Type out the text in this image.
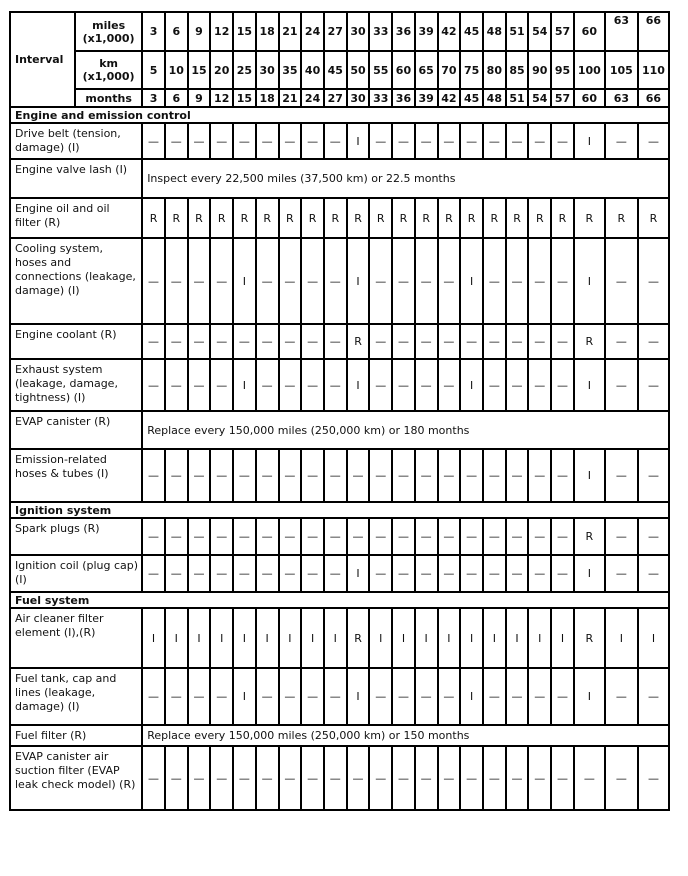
Interval	miles (x1,000)	3	6	9	12	15	18	21	24	27	30	33	36	39	42	45	48	51	54	57	60	63	66
	km (x1,000)	5	10	15	20	25	30	35	40	45	50	55	60	65	70	75	80	85	90	95	100	105	110
	months	3	6	9	12	15	18	21	24	27	30	33	36	39	42	45	48	51	54	57	60	63	66
Engine and emission control																							
Drive belt (tension, damage) (I)		—	—	—	—	—	—	—	—	—	I	—	—	—	—	—	—	—	—	—	I	—	—
Engine valve lash (I)		Inspect every 22,500 miles (37,500 km) or 22.5 months																					
Engine oil and oil filter (R)		R	R	R	R	R	R	R	R	R	R	R	R	R	R	R	R	R	R	R	R	R	R
Cooling system, hoses and connections (leakage, damage) (I)		—	—	—	—	I	—	—	—	—	I	—	—	—	—	I	—	—	—	—	I	—	—
Engine coolant (R)		—	—	—	—	—	—	—	—	—	R	—	—	—	—	—	—	—	—	—	R	—	—
Exhaust system (leakage, damage, tightness) (I)		—	—	—	—	I	—	—	—	—	I	—	—	—	—	I	—	—	—	—	I	—	—
EVAP canister (R)		Replace every 150,000 miles (250,000 km) or 180 months																					
Emission-related hoses & tubes (I)		—	—	—	—	—	—	—	—	—	—	—	—	—	—	—	—	—	—	—	I	—	—
Ignition system																							
Spark plugs (R)		—	—	—	—	—	—	—	—	—	—	—	—	—	—	—	—	—	—	—	R	—	—
Ignition coil (plug cap) (I)		—	—	—	—	—	—	—	—	—	I	—	—	—	—	—	—	—	—	—	I	—	—
Fuel system																							
Air cleaner filter element (I),(R)		I	I	I	I	I	I	I	I	I	R	I	I	I	I	I	I	I	I	I	R	I	I
Fuel tank, cap and lines (leakage, damage) (I)		—	—	—	—	I	—	—	—	—	I	—	—	—	—	I	—	—	—	—	I	—	—
Fuel filter (R)		Replace every 150,000 miles (250,000 km) or 150 months																					
EVAP canister air suction filter (EVAP leak check model) (R)		—	—	—	—	—	—	—	—	—	—	—	—	—	—	—	—	—	—	—	—	—	—
